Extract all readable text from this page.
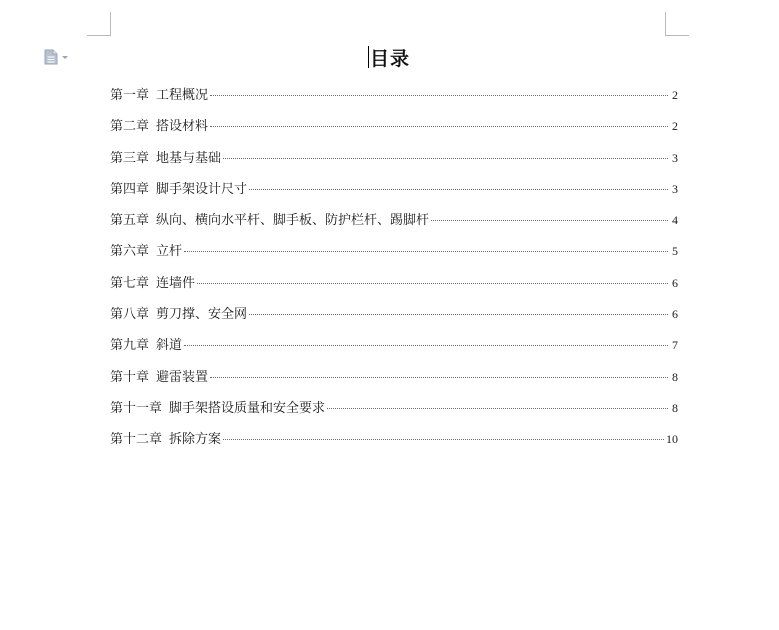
目录
第一章 工程概况	2
第二章 搭设材料	2
第三章 地基与基础	3
第四章 脚手架设计尺寸	3
第五章 纵向、横向水平杆、脚手板、防护栏杆、踢脚杆	4
第六章 立杆	5
第七章 连墙件	6
第八章 剪刀撑、安全网	6
第九章 斜道	7
第十章 避雷装置	8
第十一章 脚手架搭设质量和安全要求	8
第十二章 拆除方案	10
